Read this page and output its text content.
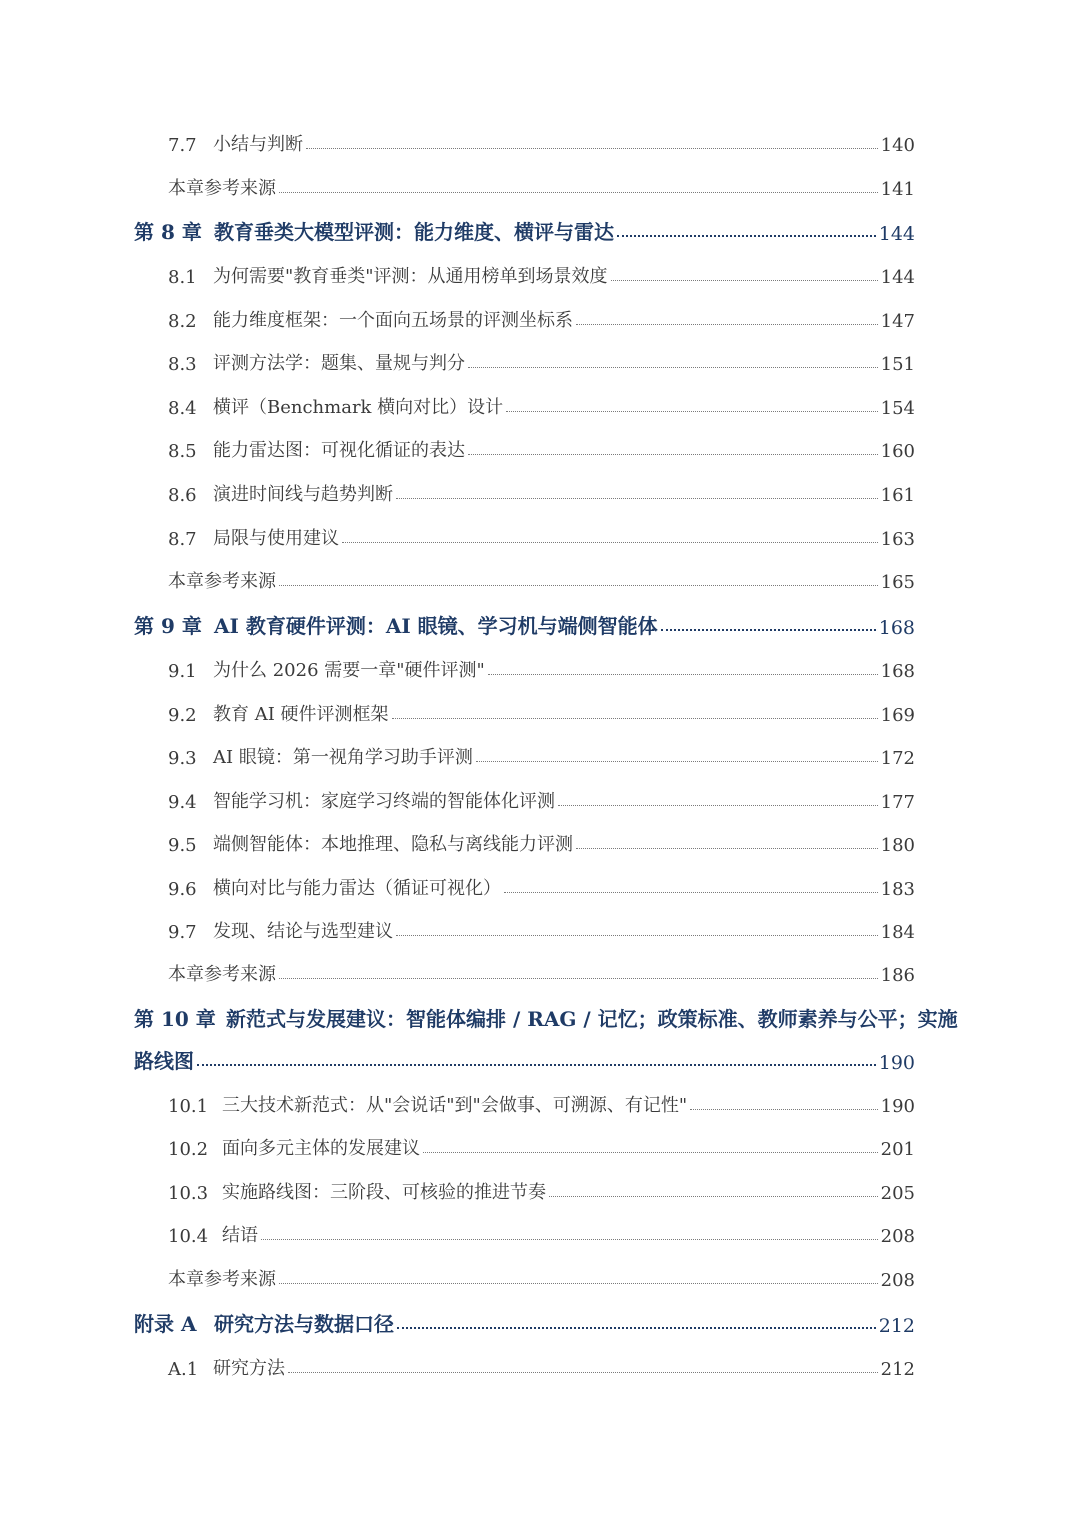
7.7 小结与判断	140
本章参考来源	141
第 8 章 教育垂类大模型评测：能力维度、横评与雷达	144
8.1 为何需要"教育垂类"评测：从通用榜单到场景效度	144
8.2 能力维度框架：一个面向五场景的评测坐标系	147
8.3 评测方法学：题集、量规与判分	151
8.4 横评（Benchmark 横向对比）设计	154
8.5 能力雷达图：可视化循证的表达	160
8.6 演进时间线与趋势判断	161
8.7 局限与使用建议	163
本章参考来源	165
第 9 章 AI 教育硬件评测：AI 眼镜、学习机与端侧智能体	168
9.1 为什么 2026 需要一章"硬件评测"	168
9.2 教育 AI 硬件评测框架	169
9.3 AI 眼镜：第一视角学习助手评测	172
9.4 智能学习机：家庭学习终端的智能体化评测	177
9.5 端侧智能体：本地推理、隐私与离线能力评测	180
9.6 横向对比与能力雷达（循证可视化）	183
9.7 发现、结论与选型建议	184
本章参考来源	186
第 10 章 新范式与发展建议：智能体编排 / RAG / 记忆；政策标准、教师素养与公平；实施
路线图	190
10.1 三大技术新范式：从"会说话"到"会做事、可溯源、有记性"	190
10.2 面向多元主体的发展建议	201
10.3 实施路线图：三阶段、可核验的推进节奏	205
10.4 结语	208
本章参考来源	208
附录 A 研究方法与数据口径	212
A.1 研究方法	212
